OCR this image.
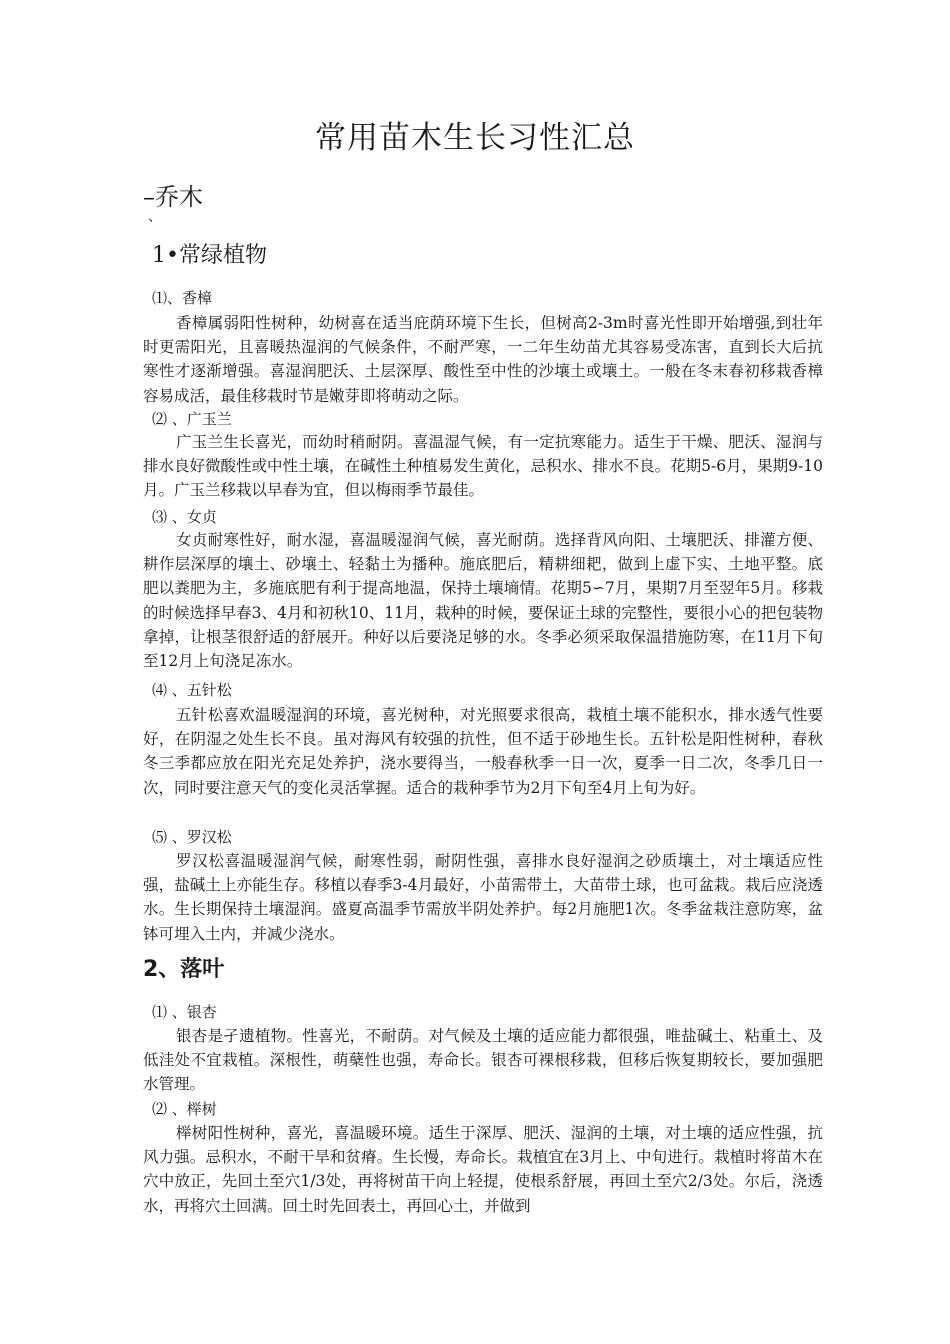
常用苗木生长习性汇总
–乔木
、
1•常绿植物
⑴、香樟

香樟属弱阳性树种，幼树喜在适当庇荫环境下生长，但树高2-3m时喜光性即开始增强,到壮年时更需阳光，且喜暖热湿润的气候条件，不耐严寒，一二年生幼苗尤其容易受冻害，直到长大后抗寒性才逐渐增强。喜湿润肥沃、土层深厚、酸性至中性的沙壤土或壤土。一般在冬末春初移栽香樟容易成活，最佳移栽时节是嫩芽即将萌动之际。

⑵ 、广玉兰

广玉兰生长喜光，而幼时稍耐阴。喜温湿气候，有一定抗寒能力。适生于干燥、肥沃、湿润与排水良好微酸性或中性土壤，在碱性土种植易发生黄化，忌积水、排水不良。花期5-6月，果期9-10月。广玉兰移栽以早春为宜，但以梅雨季节最佳。

⑶ 、女贞

女贞耐寒性好，耐水湿，喜温暖湿润气候，喜光耐荫。选择背风向阳、土壤肥沃、排灌方便、耕作层深厚的壤土、砂壤土、轻黏土为播种。施底肥后，精耕细耙，做到上虚下实、土地平整。底肥以粪肥为主，多施底肥有利于提高地温，保持土壤墒情。花期5∽7月，果期7月至翌年5月。移栽的时候选择早春3、4月和初秋10、11月，栽种的时候，要保证土球的完整性，要很小心的把包装物拿掉，让根茎很舒适的舒展开。种好以后要浇足够的水。冬季必须采取保温措施防寒，在11月下旬至12月上旬浇足冻水。

⑷ 、五针松

五针松喜欢温暖湿润的环境，喜光树种，对光照要求很高，栽植土壤不能积水，排水透气性要好，在阴湿之处生长不良。虽对海风有较强的抗性，但不适于砂地生长。五针松是阳性树种，春秋冬三季都应放在阳光充足处养护，浇水要得当，一般春秋季一日一次，夏季一日二次，冬季几日一次，同时要注意天气的变化灵活掌握。适合的栽种季节为2月下旬至4月上旬为好。

⑸ 、罗汉松

罗汉松喜温暖湿润气候，耐寒性弱，耐阴性强，喜排水良好湿润之砂质壤土，对土壤适应性强，盐碱土上亦能生存。移植以春季3-4月最好，小苗需带土，大苗带土球，也可盆栽。栽后应浇透水。生长期保持土壤湿润。盛夏高温季节需放半阴处养护。每2月施肥1次。冬季盆栽注意防寒，盆钵可埋入土内，并减少浇水。

2、落叶
⑴ 、银杏

银杏是孑遗植物。性喜光，不耐荫。对气候及土壤的适应能力都很强，唯盐碱土、粘重土、及低洼处不宜栽植。深根性，萌蘖性也强，寿命长。银杏可裸根移栽，但移后恢复期较长，要加强肥水管理。

⑵ 、榉树

榉树阳性树种，喜光，喜温暖环境。适生于深厚、肥沃、湿润的土壤，对土壤的适应性强，抗风力强。忌积水，不耐干旱和贫瘠。生长慢，寿命长。栽植宜在3月上、中旬进行。栽植时将苗木在穴中放正，先回土至穴1/3处，再将树苗干向上轻提，使根系舒展，再回土至穴2/3处。尔后，浇透水，再将穴土回满。回土时先回表土，再回心土，并做到
